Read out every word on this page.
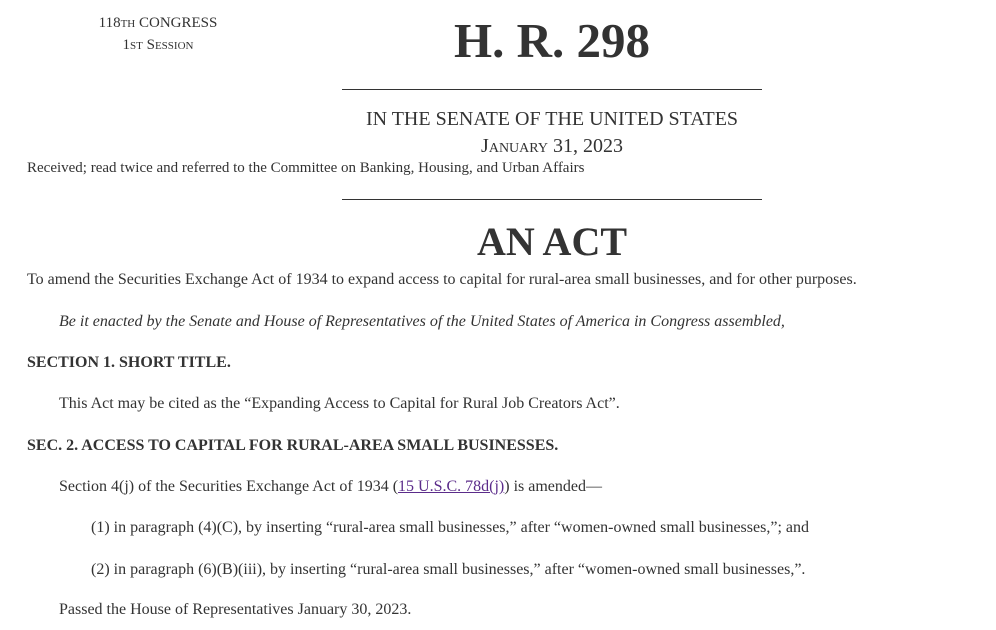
118th CONGRESS
1st Session	H. R. 298
IN THE SENATE OF THE UNITED STATES
January 31, 2023
Received; read twice and referred to the Committee on Banking, Housing, and Urban Affairs
AN ACT
To amend the Securities Exchange Act of 1934 to expand access to capital for rural-area small businesses, and for other purposes.
Be it enacted by the Senate and House of Representatives of the United States of America in Congress assembled,
SECTION 1. SHORT TITLE.
This Act may be cited as the “Expanding Access to Capital for Rural Job Creators Act”.
SEC. 2. ACCESS TO CAPITAL FOR RURAL-AREA SMALL BUSINESSES.
Section 4(j) of the Securities Exchange Act of 1934 (15 U.S.C. 78d(j)) is amended—
(1) in paragraph (4)(C), by inserting “rural-area small businesses,” after “women-owned small businesses,”; and
(2) in paragraph (6)(B)(iii), by inserting “rural-area small businesses,” after “women-owned small businesses,”.
Passed the House of Representatives January 30, 2023.
